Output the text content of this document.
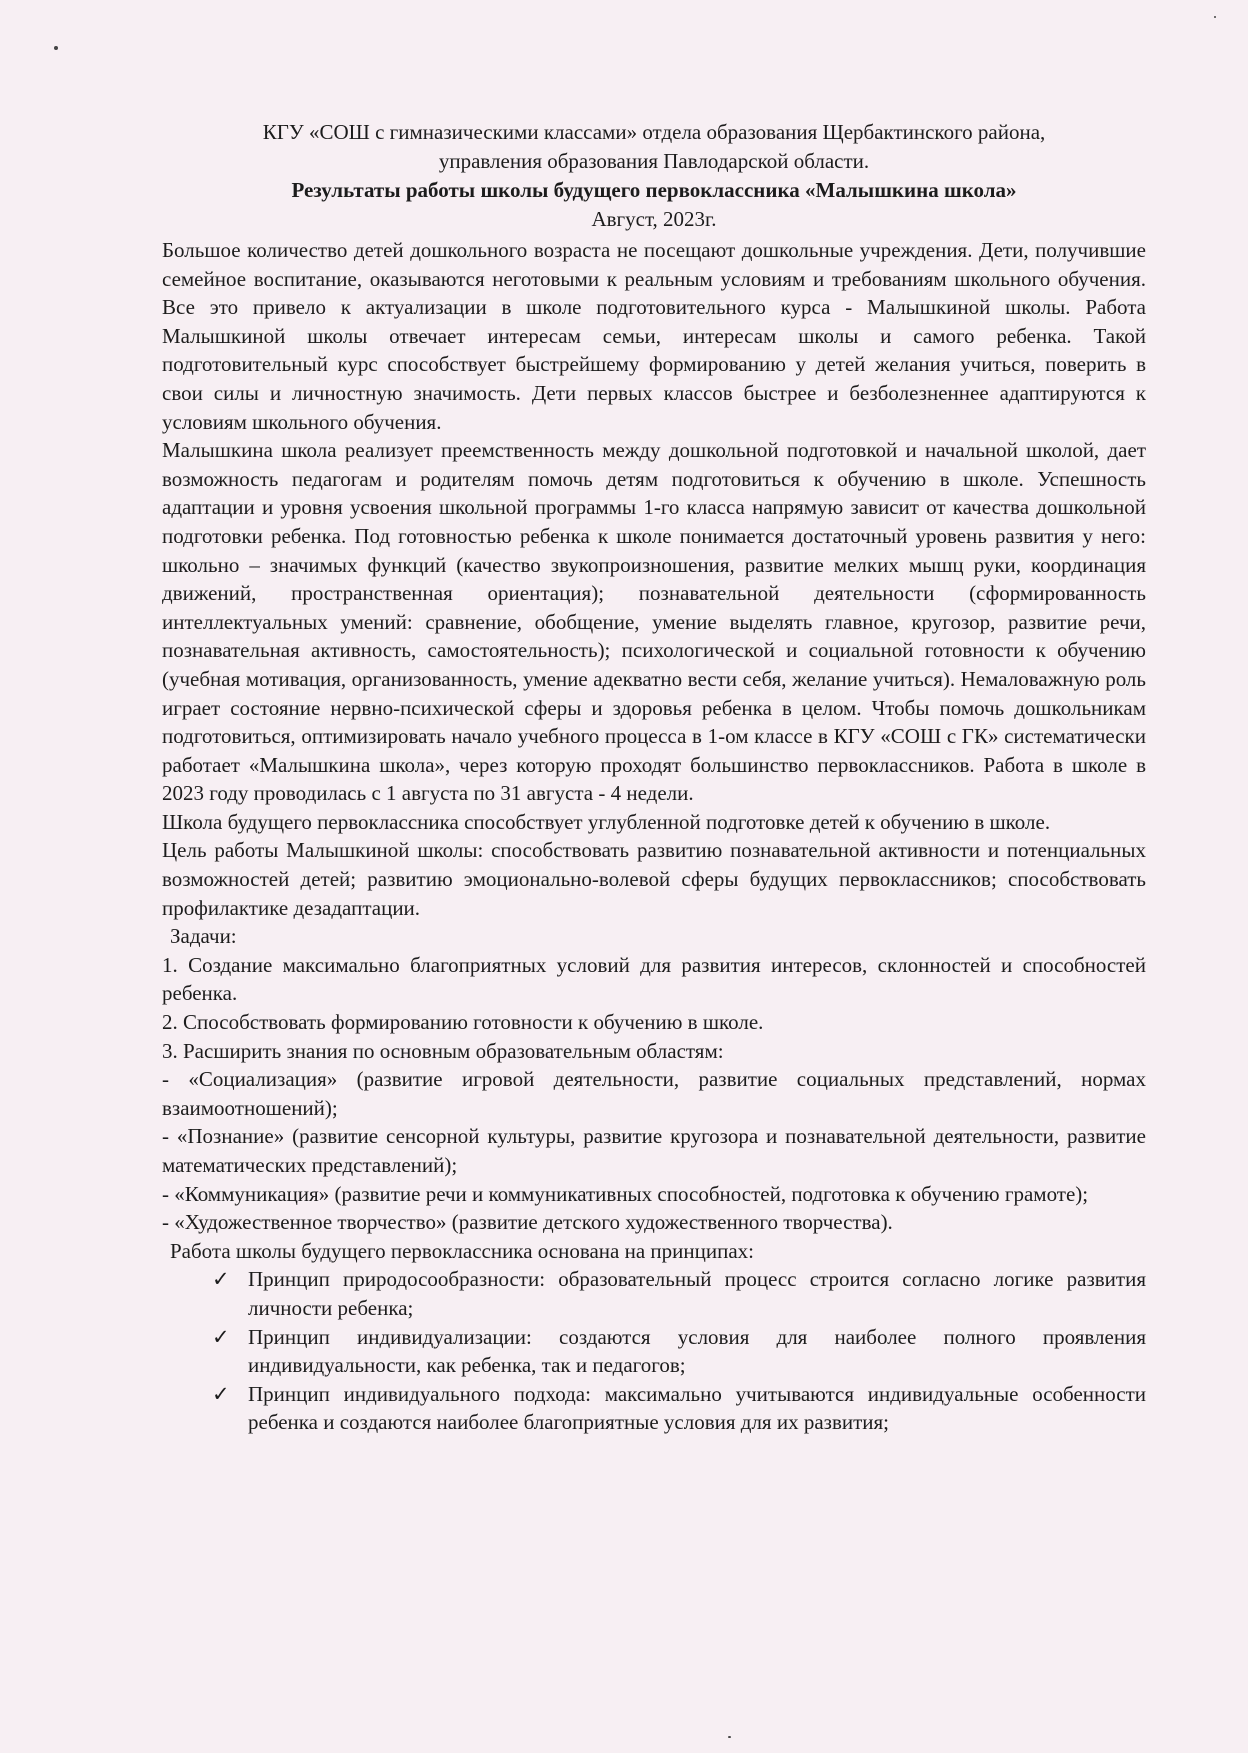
КГУ «СОШ с гимназическими классами» отдела образования Щербактинского района,
управления образования Павлодарской области.
Результаты работы школы будущего первоклассника «Малышкина школа»
Август, 2023г.

Большое количество детей дошкольного возраста не посещают дошкольные учреждения. Дети, получившие семейное воспитание, оказываются неготовыми к реальным условиям и требованиям школьного обучения. Все это привело к актуализации в школе подготовительного курса - Малышкиной школы. Работа Малышкиной школы отвечает интересам семьи, интересам школы и самого ребенка. Такой подготовительный курс способствует быстрейшему формированию у детей желания учиться, поверить в свои силы и личностную значимость. Дети первых классов быстрее и безболезненнее адаптируются к условиям школьного обучения.

Малышкина школа реализует преемственность между дошкольной подготовкой и начальной школой, дает возможность педагогам и родителям помочь детям подготовиться к обучению в школе. Успешность адаптации и уровня усвоения школьной программы 1-го класса напрямую зависит от качества дошкольной подготовки ребенка. Под готовностью ребенка к школе понимается достаточный уровень развития у него: школьно – значимых функций (качество звукопроизношения, развитие мелких мышц руки, координация движений, пространственная ориентация); познавательной деятельности (сформированность интеллектуальных умений: сравнение, обобщение, умение выделять главное, кругозор, развитие речи, познавательная активность, самостоятельность); психологической и социальной готовности к обучению (учебная мотивация, организованность, умение адекватно вести себя, желание учиться). Немаловажную роль играет состояние нервно-психической сферы и здоровья ребенка в целом. Чтобы помочь дошкольникам подготовиться, оптимизировать начало учебного процесса в 1-ом классе в КГУ «СОШ с ГК» систематически работает «Малышкина школа», через которую проходят большинство первоклассников. Работа в школе в 2023 году проводилась с 1 августа по 31 августа - 4 недели.

Школа будущего первоклассника способствует углубленной подготовке детей к обучению в школе.

Цель работы Малышкиной школы: способствовать развитию познавательной активности и потенциальных возможностей детей; развитию эмоционально-волевой сферы будущих первоклассников; способствовать профилактике дезадаптации.

Задачи:

1. Создание максимально благоприятных условий для развития интересов, склонностей и способностей ребенка.

2. Способствовать формированию готовности к обучению в школе.

3. Расширить знания по основным образовательным областям:

- «Социализация» (развитие игровой деятельности, развитие социальных представлений, нормах взаимоотношений);

- «Познание» (развитие сенсорной культуры, развитие кругозора и познавательной деятельности, развитие математических представлений);

- «Коммуникация» (развитие речи и коммуникативных способностей, подготовка к обучению грамоте);

- «Художественное творчество» (развитие детского художественного творчества).

Работа школы будущего первоклассника основана на принципах:

✓ Принцип природосообразности: образовательный процесс строится согласно логике развития личности ребенка;
✓ Принцип индивидуализации: создаются условия для наиболее полного проявления индивидуальности, как ребенка, так и педагогов;
✓ Принцип индивидуального подхода: максимально учитываются индивидуальные особенности ребенка и создаются наиболее благоприятные условия для их развития;
